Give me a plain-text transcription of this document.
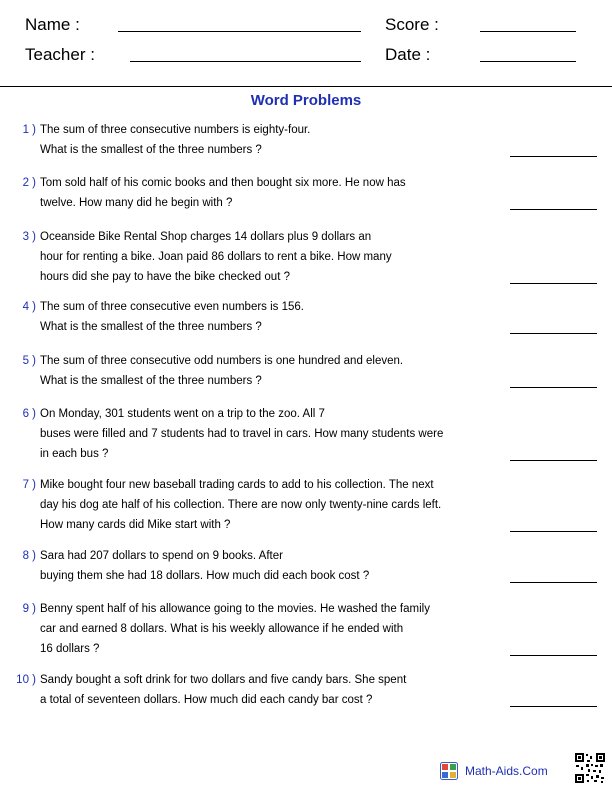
Name :
Teacher :
Score :
Date :
Word Problems
1 ) The sum of three consecutive numbers is eighty-four.
What is the smallest of the three numbers ?
2 ) Tom sold half of his comic books and then bought six more. He now has
twelve. How many did he begin with ?
3 ) Oceanside Bike Rental Shop charges 14 dollars plus 9 dollars an
hour for renting a bike. Joan paid 86 dollars to rent a bike. How many
hours did she pay to have the bike checked out ?
4 ) The sum of three consecutive even numbers is 156.
What is the smallest of the three numbers ?
5 ) The sum of three consecutive odd numbers is one hundred and eleven.
What is the smallest of the three numbers ?
6 ) On Monday, 301 students went on a trip to the zoo. All 7
buses were filled and 7 students had to travel in cars. How many students were
in each bus ?
7 ) Mike bought four new baseball trading cards to add to his collection. The next
day his dog ate half of his collection. There are now only twenty-nine cards left.
How many cards did Mike start with ?
8 ) Sara had 207 dollars to spend on 9 books. After
buying them she had 18 dollars. How much did each book cost ?
9 ) Benny spent half of his allowance going to the movies. He washed the family
car and earned 8 dollars. What is his weekly allowance if he ended with
16 dollars ?
10 ) Sandy bought a soft drink for two dollars and five candy bars. She spent
a total of seventeen dollars. How much did each candy bar cost ?
Math-Aids.Com
